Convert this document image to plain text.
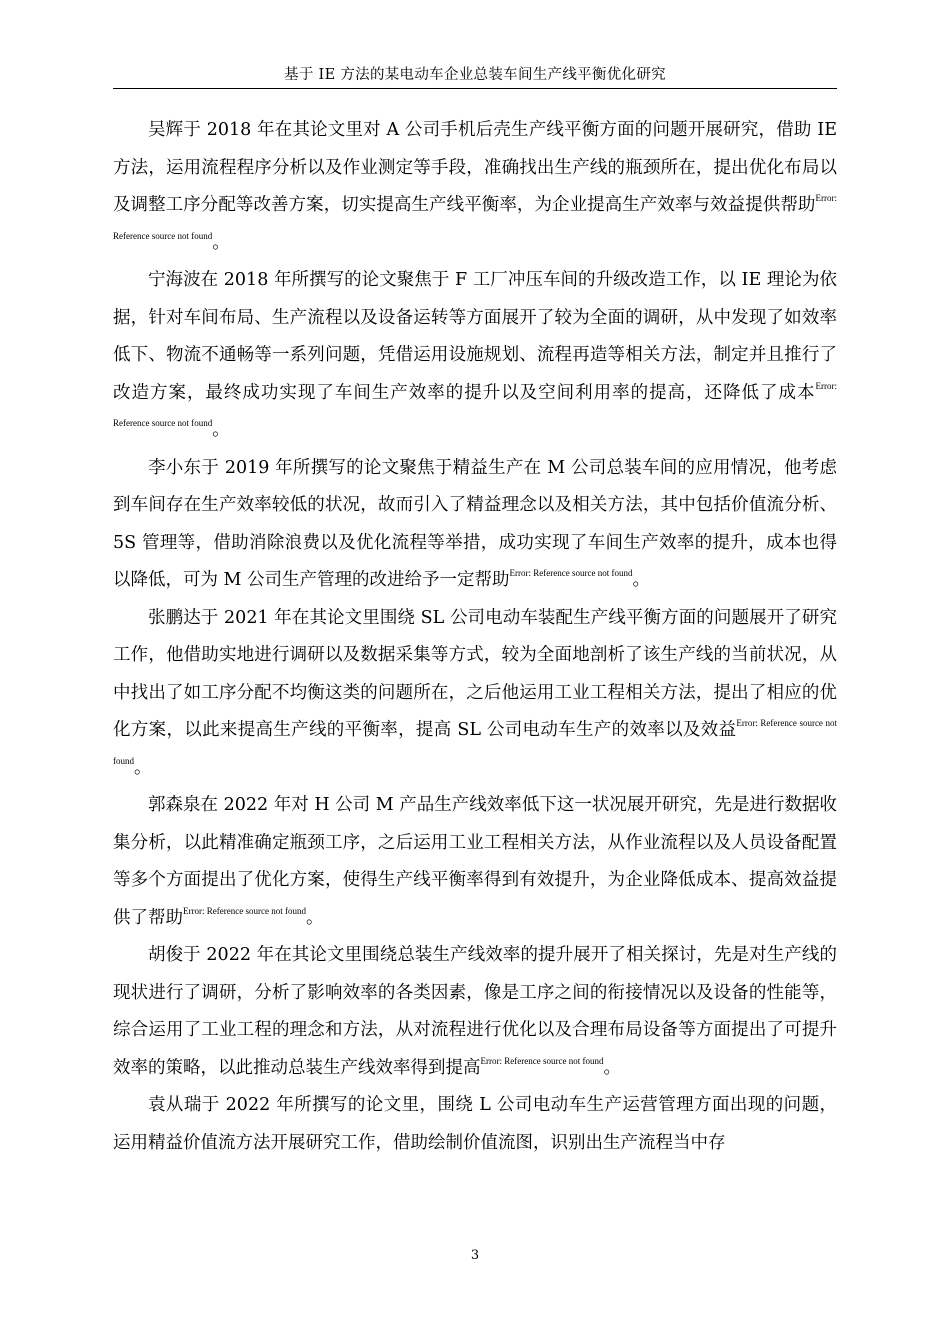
基于 IE 方法的某电动车企业总装车间生产线平衡优化研究

吴辉于 2018 年在其论文里对 A 公司手机后壳生产线平衡方面的问题开展研究，借助 IE 方法，运用流程程序分析以及作业测定等手段，准确找出生产线的瓶颈所在，提出优化布局以及调整工序分配等改善方案，切实提高生产线平衡率，为企业提高生产效率与效益提供帮助$^{Error: Reference source not found}$。

宁海波在 2018 年所撰写的论文聚焦于 F 工厂冲压车间的升级改造工作，以 IE 理论为依据，针对车间布局、生产流程以及设备运转等方面展开了较为全面的调研，从中发现了如效率低下、物流不通畅等一系列问题，凭借运用设施规划、流程再造等相关方法，制定并且推行了改造方案，最终成功实现了车间生产效率的提升以及空间利用率的提高，还降低了成本$^{Error: Reference source not found}$。

李小东于 2019 年所撰写的论文聚焦于精益生产在 M 公司总装车间的应用情况，他考虑到车间存在生产效率较低的状况，故而引入了精益理念以及相关方法，其中包括价值流分析、5S 管理等，借助消除浪费以及优化流程等举措，成功实现了车间生产效率的提升，成本也得以降低，可为 M 公司生产管理的改进给予一定帮助$^{Error: Reference source not found}$。

张鹏达于 2021 年在其论文里围绕 SL 公司电动车装配生产线平衡方面的问题展开了研究工作，他借助实地进行调研以及数据采集等方式，较为全面地剖析了该生产线的当前状况，从中找出了如工序分配不均衡这类的问题所在，之后他运用工业工程相关方法，提出了相应的优化方案，以此来提高生产线的平衡率，提高 SL 公司电动车生产的效率以及效益$^{Error: Reference source not found}$。

郭森泉在 2022 年对 H 公司 M 产品生产线效率低下这一状况展开研究，先是进行数据收集分析，以此精准确定瓶颈工序，之后运用工业工程相关方法，从作业流程以及人员设备配置等多个方面提出了优化方案，使得生产线平衡率得到有效提升，为企业降低成本、提高效益提供了帮助$^{Error: Reference source not found}$。

胡俊于 2022 年在其论文里围绕总装生产线效率的提升展开了相关探讨，先是对生产线的现状进行了调研，分析了影响效率的各类因素，像是工序之间的衔接情况以及设备的性能等，综合运用了工业工程的理念和方法，从对流程进行优化以及合理布局设备等方面提出了可提升效率的策略，以此推动总装生产线效率得到提高$^{Error: Reference source not found}$。

袁从瑞于 2022 年所撰写的论文里，围绕 L 公司电动车生产运营管理方面出现的问题，运用精益价值流方法开展研究工作，借助绘制价值流图，识别出生产流程当中存

3
